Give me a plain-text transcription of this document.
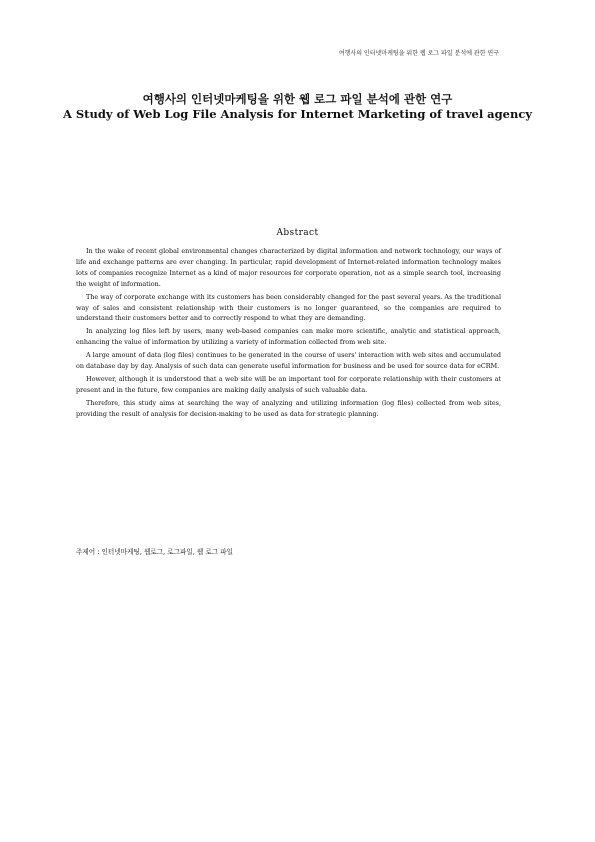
여행사의 인터넷마케팅을 위한 웹 로그 파일 분석에 관한 연구

여행사의 인터넷마케팅을 위한 웹 로그 파일 분석에 관한 연구

A Study of Web Log File Analysis for Internet Marketing of travel agency

Abstract

In the wake of recent global environmental changes characterized by digital information and network technology, our ways of life and exchange patterns are ever changing. In particular, rapid development of Internet-related information technology makes lots of companies recognize Internet as a kind of major resources for corporate operation, not as a simple search tool, increasing the weight of information.

The way of corporate exchange with its customers has been considerably changed for the past several years. As the traditional way of sales and consistent relationship with their customers is no longer guaranteed, so the companies are required to understand their customers better and to correctly respond to what they are demanding.

In analyzing log files left by users, many web-based companies can make more scientific, analytic and statistical approach, enhancing the value of information by utilizing a variety of information collected from web site.

A large amount of data (log files) continues to be generated in the course of users' interaction with web sites and accumulated on database day by day. Analysis of such data can generate useful information for business and be used for source data for eCRM.

However, although it is understood that a web site will be an important tool for corporate relationship with their customers at present and in the future, few companies are making daily analysis of such valuable data.

Therefore, this study aims at searching the way of analyzing and utilizing information (log files) collected from web sites, providing the result of analysis for decision-making to be used as data for strategic planning.

주제어 : 인터넷마케팅, 웹로그, 로그파일, 웹 로그 파일
